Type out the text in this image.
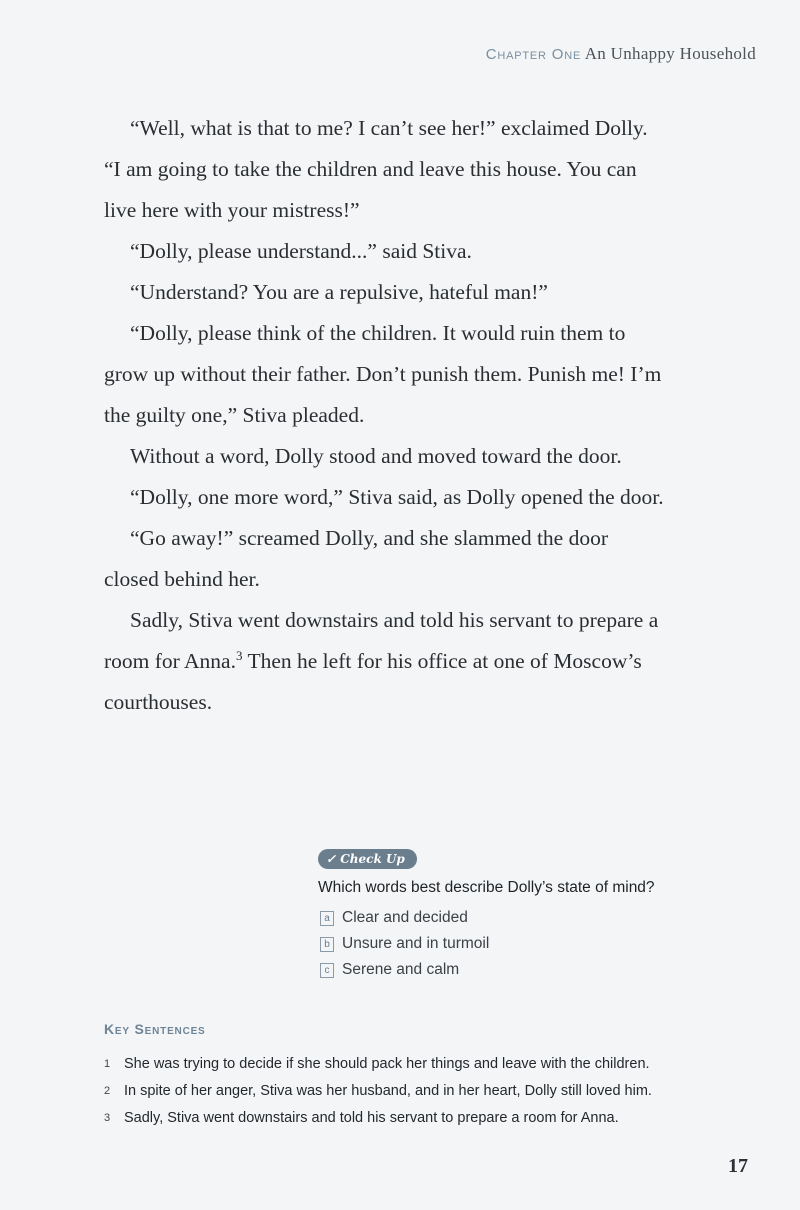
Chapter One An Unhappy Household

“Well, what is that to me? I can’t see her!” exclaimed Dolly. “I am going to take the children and leave this house. You can live here with your mistress!”

“Dolly, please understand...” said Stiva.

“Understand? You are a repulsive, hateful man!”

“Dolly, please think of the children. It would ruin them to grow up without their father. Don’t punish them. Punish me! I’m the guilty one,” Stiva pleaded.

Without a word, Dolly stood and moved toward the door.

“Dolly, one more word,” Stiva said, as Dolly opened the door.

“Go away!” screamed Dolly, and she slammed the door closed behind her.

Sadly, Stiva went downstairs and told his servant to prepare a room for Anna.$^3$ Then he left for his office at one of Moscow’s courthouses.

✓ Check Up
Which words best describe Dolly’s state of mind?
a Clear and decided
b Unsure and in turmoil
c Serene and calm
Key Sentences
1 She was trying to decide if she should pack her things and leave with the children.
2 In spite of her anger, Stiva was her husband, and in her heart, Dolly still loved him.
3 Sadly, Stiva went downstairs and told his servant to prepare a room for Anna.
17
